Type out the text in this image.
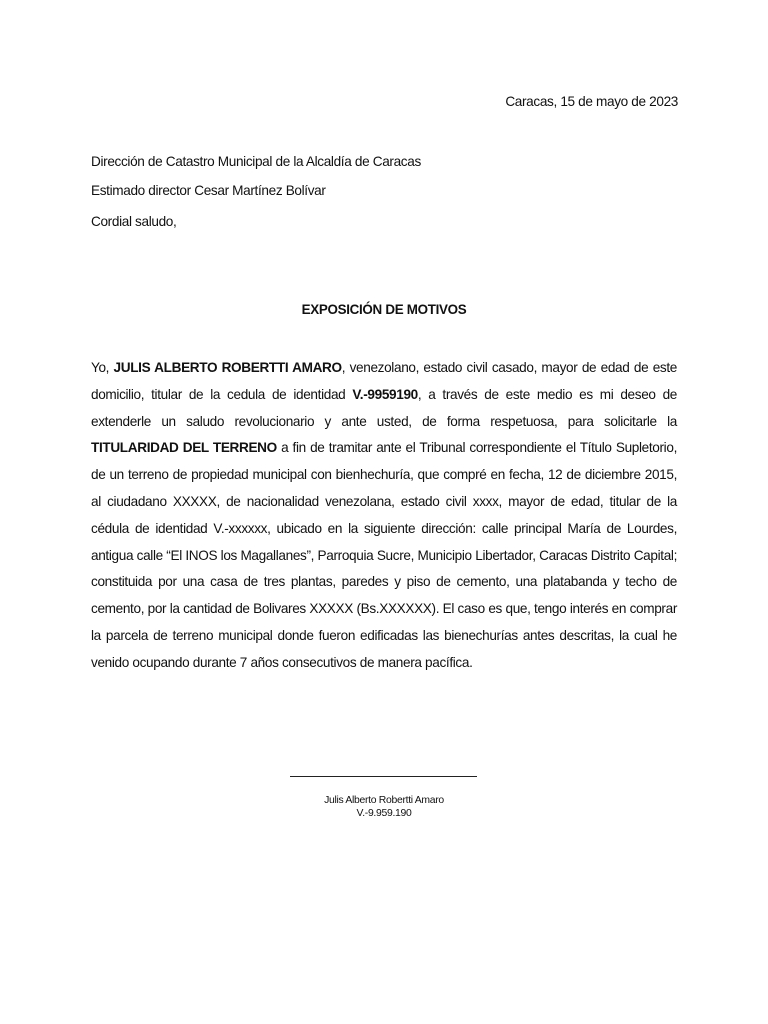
Caracas, 15 de mayo de 2023
Dirección de Catastro Municipal de la Alcaldía de Caracas
Estimado director Cesar Martínez Bolívar
Cordial saludo,
EXPOSICIÓN DE MOTIVOS
Yo, JULIS ALBERTO ROBERTTI AMARO, venezolano, estado civil casado, mayor de edad de este domicilio, titular de la cedula de identidad V.-9959190, a través de este medio es mi deseo de extenderle un saludo revolucionario y ante usted, de forma respetuosa, para solicitarle la TITULARIDAD DEL TERRENO a fin de tramitar ante el Tribunal correspondiente el Título Supletorio, de un terreno de propiedad municipal con bienhechuría, que compré en fecha, 12 de diciembre 2015, al ciudadano XXXXX, de nacionalidad venezolana, estado civil xxxx, mayor de edad, titular de la cédula de identidad V.-xxxxxx, ubicado en la siguiente dirección: calle principal María de Lourdes, antigua calle “El INOS los Magallanes”, Parroquia Sucre, Municipio Libertador, Caracas Distrito Capital; constituida por una casa de tres plantas, paredes y piso de cemento, una platabanda y techo de cemento, por la cantidad de Bolivares XXXXX (Bs.XXXXXX). El caso es que, tengo interés en comprar la parcela de terreno municipal donde fueron edificadas las bienechurías antes descritas, la cual he venido ocupando durante 7 años consecutivos de manera pacífica.
Julis Alberto Robertti Amaro
V.-9.959.190
